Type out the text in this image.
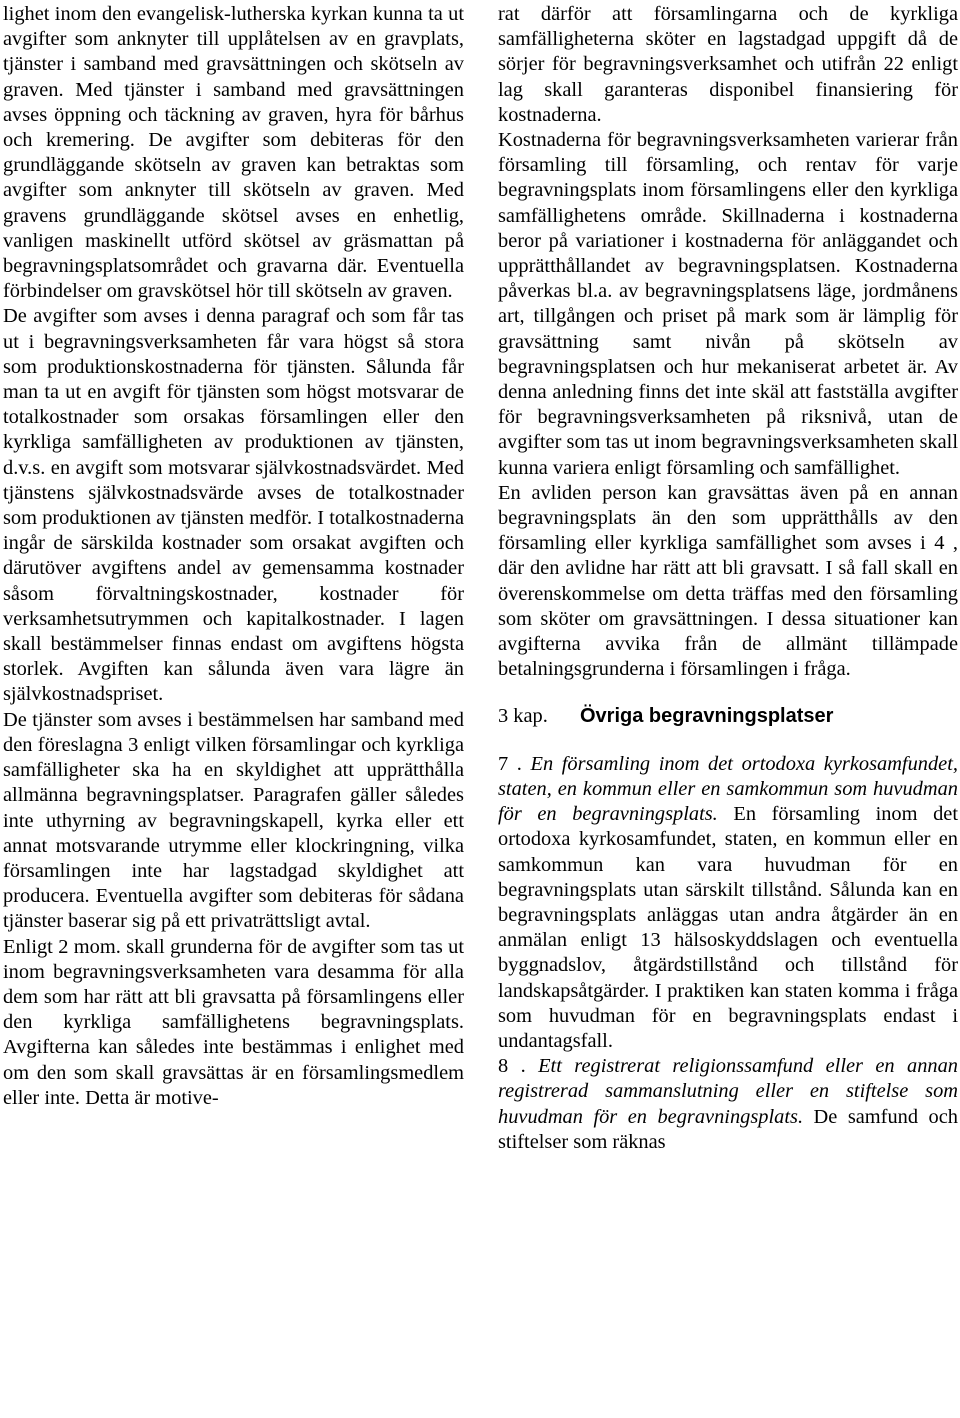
lighet inom den evangelisk-lutherska kyrkan kunna ta ut avgifter som anknyter till upplåtelsen av en gravplats, tjänster i samband med gravsättningen och skötseln av graven. Med tjänster i samband med gravsättningen avses öppning och täckning av graven, hyra för bårhus och kremering. De avgifter som debiteras för den grundläggande skötseln av graven kan betraktas som avgifter som anknyter till skötseln av graven. Med gravens grundläggande skötsel avses en enhetlig, vanligen maskinellt utförd skötsel av gräsmattan på begravningsplatsområdet och gravarna där. Eventuella förbindelser om gravskötsel hör till skötseln av graven.

De avgifter som avses i denna paragraf och som får tas ut i begravningsverksamheten får vara högst så stora som produktionskostnaderna för tjänsten. Sålunda får man ta ut en avgift för tjänsten som högst motsvarar de totalkostnader som orsakas församlingen eller den kyrkliga samfälligheten av produktionen av tjänsten, d.v.s. en avgift som motsvarar självkostnadsvärdet. Med tjänstens självkostnadsvärde avses de totalkostnader som produktionen av tjänsten medför. I totalkostnaderna ingår de särskilda kostnader som orsakat avgiften och därutöver avgiftens andel av gemensamma kostnader såsom förvaltningskostnader, kostnader för verksamhetsutrymmen och kapitalkostnader. I lagen skall bestämmelser finnas endast om avgiftens högsta storlek. Avgiften kan sålunda även vara lägre än självkostnadspriset.

De tjänster som avses i bestämmelsen har samband med den föreslagna 3 enligt vilken församlingar och kyrkliga samfälligheter ska ha en skyldighet att upprätthålla allmänna begravningsplatser. Paragrafen gäller således inte uthyrning av begravningskapell, kyrka eller ett annat motsvarande utrymme eller klockringning, vilka församlingen inte har lagstadgad skyldighet att producera. Eventuella avgifter som debiteras för sådana tjänster baserar sig på ett privaträttsligt avtal.

Enligt 2 mom. skall grunderna för de avgifter som tas ut inom begravningsverksamheten vara desamma för alla dem som har rätt att bli gravsatta på församlingens eller den kyrkliga samfällighetens begravningsplats. Avgifterna kan således inte bestämmas i enlighet med om den som skall gravsättas är en församlingsmedlem eller inte. Detta är motive-

rat därför att församlingarna och de kyrkliga samfälligheterna sköter en lagstadgad uppgift då de sörjer för begravningsverksamhet och utifrån 22 enligt lag skall garanteras disponibel finansiering för kostnaderna.

Kostnaderna för begravningsverksamheten varierar från församling till församling, och rentav för varje begravningsplats inom församlingens eller den kyrkliga samfällighetens område. Skillnaderna i kostnaderna beror på variationer i kostnaderna för anläggandet och upprätthållandet av begravningsplatsen. Kostnaderna påverkas bl.a. av begravningsplatsens läge, jordmånens art, tillgången och priset på mark som är lämplig för gravsättning samt nivån på skötseln av begravningsplatsen och hur mekaniserat arbetet är. Av denna anledning finns det inte skäl att fastställa avgifter för begravningsverksamheten på riksnivå, utan de avgifter som tas ut inom begravningsverksamheten skall kunna variera enligt församling och samfällighet.

En avliden person kan gravsättas även på en annan begravningsplats än den som upprätthålls av den församling eller kyrkliga samfällighet som avses i 4 , där den avlidne har rätt att bli gravsatt. I så fall skall en överenskommelse om detta träffas med den församling som sköter om gravsättningen. I dessa situationer kan avgifterna avvika från de allmänt tillämpade betalningsgrunderna i församlingen i fråga.

3 kap.	Övriga begravningsplatser

7 . En församling inom det ortodoxa kyrkosamfundet, staten, en kommun eller en samkommun som huvudman för en begravningsplats. En församling inom det ortodoxa kyrkosamfundet, staten, en kommun eller en samkommun kan vara huvudman för en begravningsplats utan särskilt tillstånd. Sålunda kan en begravningsplats anläggas utan andra åtgärder än en anmälan enligt 13 hälsoskyddslagen och eventuella byggnadslov, åtgärdstillstånd och tillstånd för landskapsåtgärder. I praktiken kan staten komma i fråga som huvudman för en begravningsplats endast i undantagsfall.

8 . Ett registrerat religionssamfund eller en annan registrerad sammanslutning eller en stiftelse som huvudman för en begravningsplats. De samfund och stiftelser som räknas
